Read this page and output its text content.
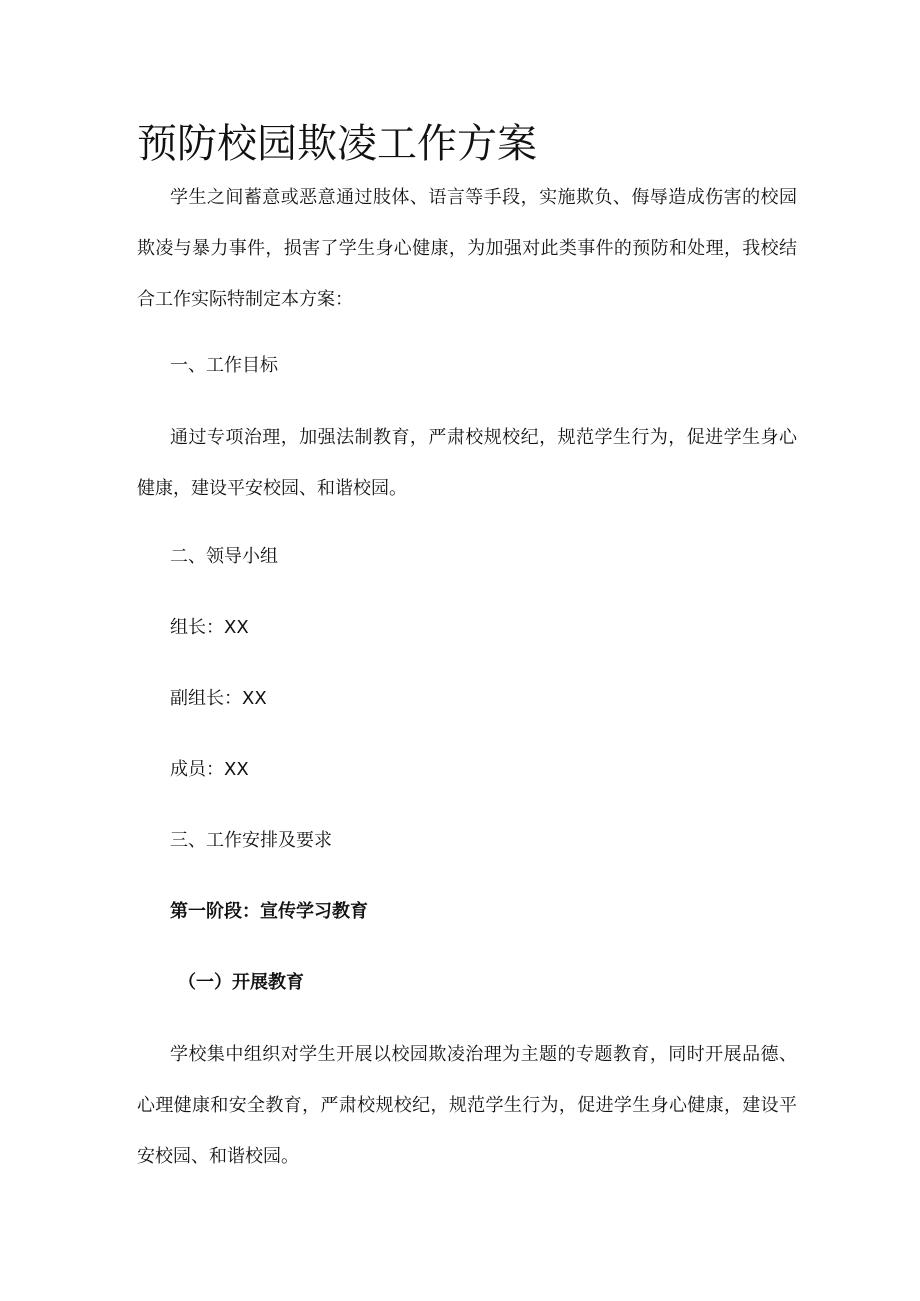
预防校园欺凌工作方案

学生之间蓄意或恶意通过肢体、语言等手段，实施欺负、侮辱造成伤害的校园欺凌与暴力事件，损害了学生身心健康，为加强对此类事件的预防和处理，我校结合工作实际特制定本方案：

一、工作目标

通过专项治理，加强法制教育，严肃校规校纪，规范学生行为，促进学生身心健康，建设平安校园、和谐校园。

二、领导小组

组长：XX

副组长：XX

成员：XX

三、工作安排及要求

第一阶段：宣传学习教育

（一）开展教育

学校集中组织对学生开展以校园欺凌治理为主题的专题教育，同时开展品德、心理健康和安全教育，严肃校规校纪，规范学生行为，促进学生身心健康，建设平安校园、和谐校园。
